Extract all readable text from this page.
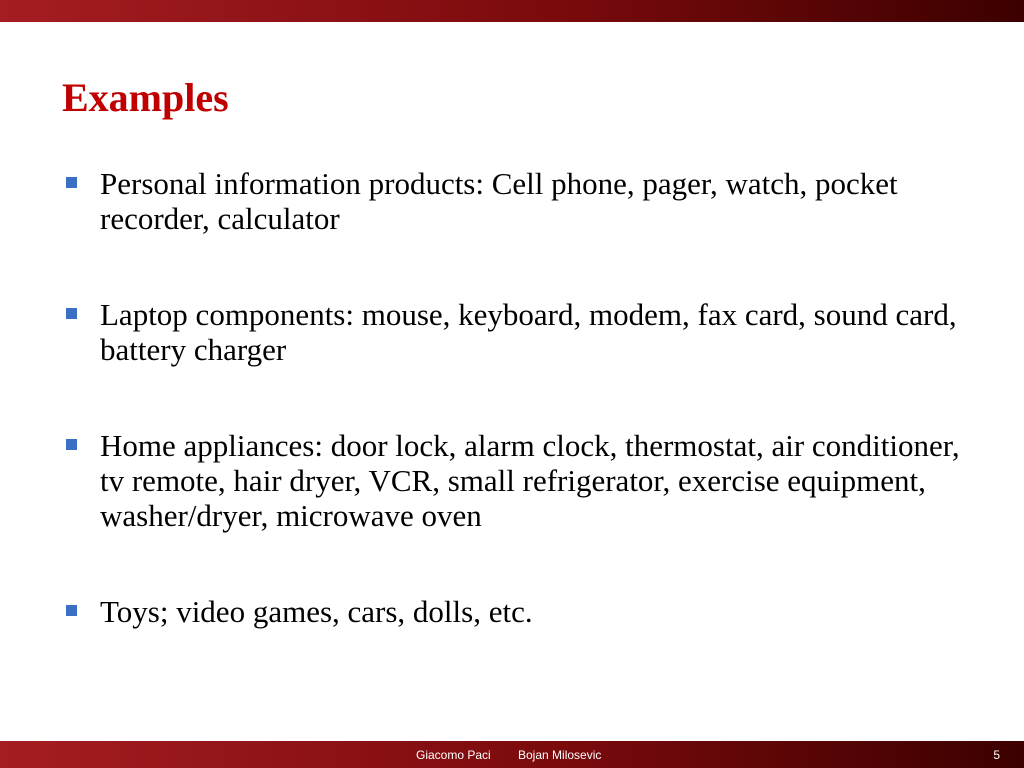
Examples
Personal information products: Cell phone, pager, watch, pocket recorder, calculator
Laptop components: mouse, keyboard, modem, fax card, sound card, battery charger
Home appliances: door lock, alarm clock, thermostat, air conditioner, tv remote, hair dryer, VCR, small refrigerator, exercise equipment, washer/dryer, microwave oven
Toys; video games, cars, dolls, etc.
Giacomo Paci Bojan Milosevic	5
